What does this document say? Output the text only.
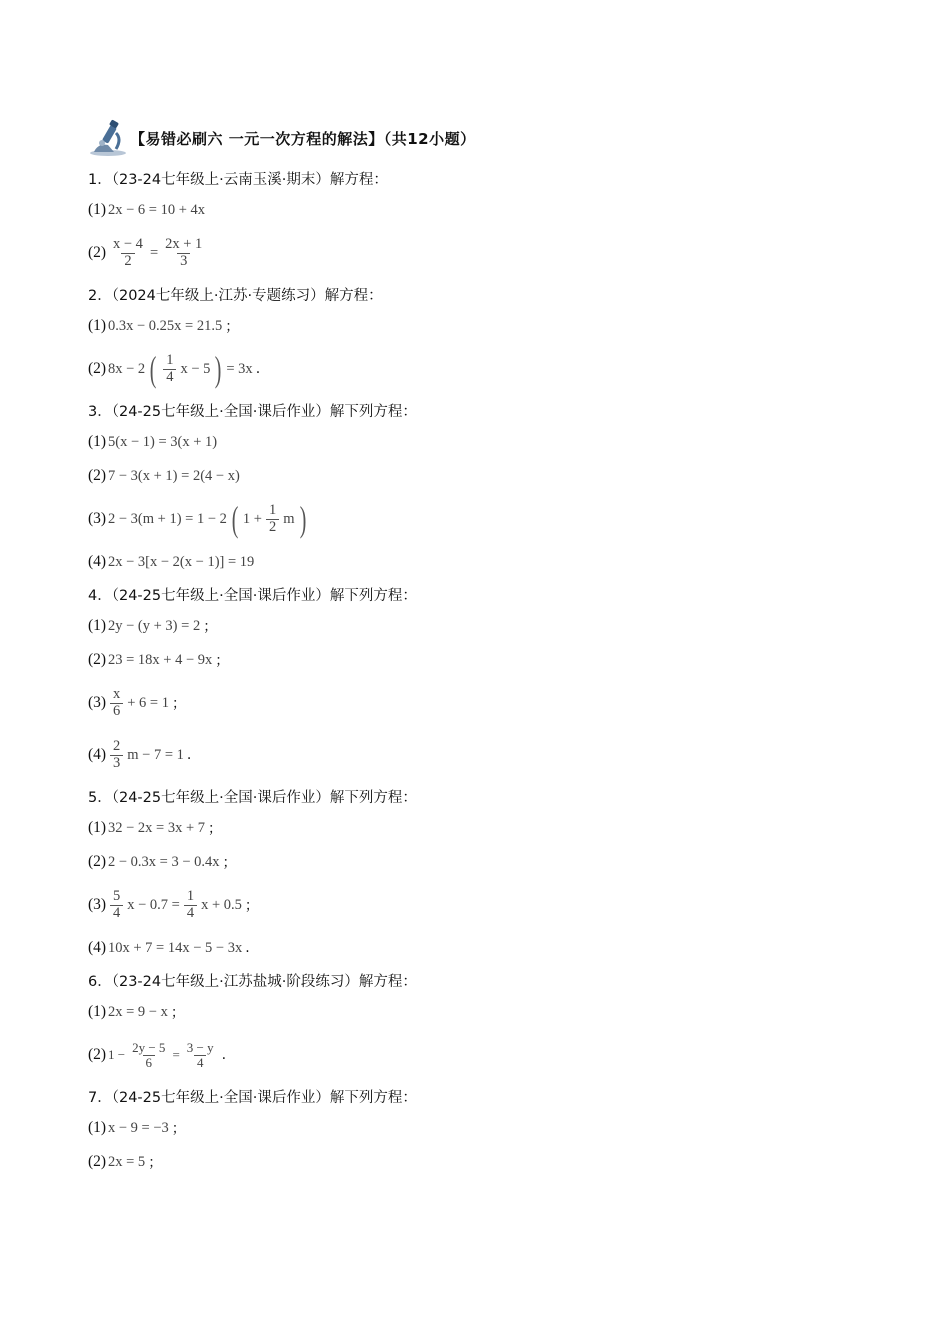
【易错必刷六 一元一次方程的解法】（共12小题）
1．（23-24七年级上·云南玉溪·期末）解方程：
(1) 2x − 6 = 10 + 4x
$(2) \frac{x - 4}{2} = \frac{2x + 1}{3}$
2．（2024七年级上·江苏·专题练习）解方程：
(1) 0.3x − 0.25x = 21.5 ；
(2) 8x − 2 ( $\frac{1}{4}$ x − 5 ) = 3x .
3．（24-25七年级上·全国·课后作业）解下列方程：
(1) 5(x − 1) = 3(x + 1)
(2) 7 − 3(x + 1) = 2(4 − x)
(3) 2 − 3(m + 1) = 1 − 2 ( $1 + \frac{1}{2}$ m )
(4) 2x − 3[x − 2(x − 1)] = 19
4．（24-25七年级上·全国·课后作业）解下列方程：
(1) 2y − (y + 3) = 2 ；
(2) 23 = 18x + 4 − 9x ；
$(3) \frac{x}{6} + 6 = 1$ ；
$(4) \frac{2}{3}$ m − 7 = 1 .
5．（24-25七年级上·全国·课后作业）解下列方程：
(1) 32 − 2x = 3x + 7 ；
(2) 2 − 0.3x = 3 − 0.4x ；
$(3) \frac{5}{4}$ $x - 0.7 = \frac{1}{4}$ x + 0.5 ；
(4) 10x + 7 = 14x − 5 − 3x .
6．（23-24七年级上·江苏盐城·阶段练习）解方程：
(1) 2x = 9 − x ；
(2) $1 - \frac{2y - 5}{6} = \frac{3 - y}{4}$ .
7．（24-25七年级上·全国·课后作业）解下列方程：
(1) x − 9 = −3 ；
(2) 2x = 5 ；
